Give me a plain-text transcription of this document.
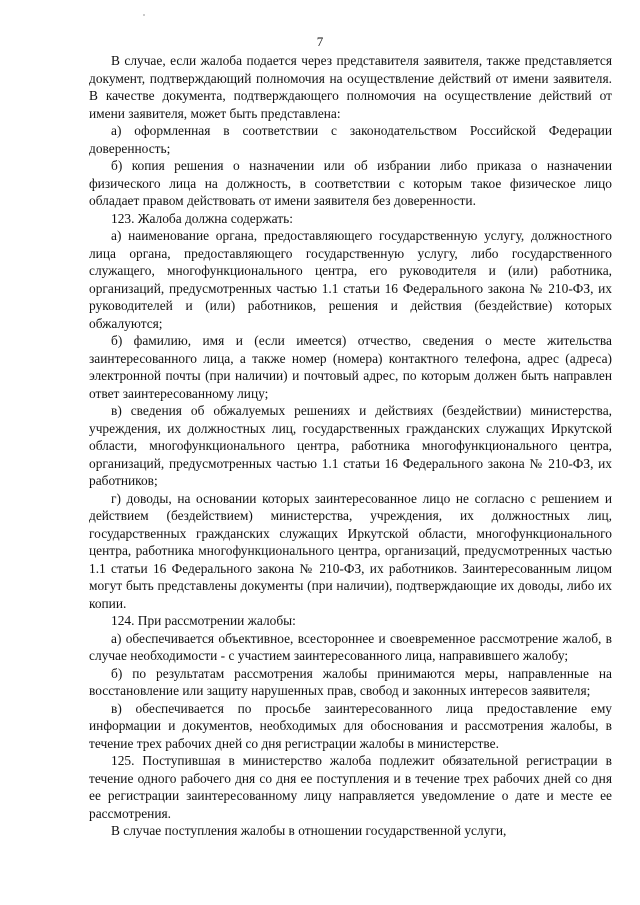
7

В случае, если жалоба подается через представителя заявителя, также представляется документ, подтверждающий полномочия на осуществление действий от имени заявителя. В качестве документа, подтверждающего полномочия на осуществление действий от имени заявителя, может быть представлена:

а) оформленная в соответствии с законодательством Российской Федерации доверенность;

б) копия решения о назначении или об избрании либо приказа о назначении физического лица на должность, в соответствии с которым такое физическое лицо обладает правом действовать от имени заявителя без доверенности.

123. Жалоба должна содержать:

а) наименование органа, предоставляющего государственную услугу, должностного лица органа, предоставляющего государственную услугу, либо государственного служащего, многофункционального центра, его руководителя и (или) работника, организаций, предусмотренных частью 1.1 статьи 16 Федерального закона № 210-ФЗ, их руководителей и (или) работников, решения и действия (бездействие) которых обжалуются;

б) фамилию, имя и (если имеется) отчество, сведения о месте жительства заинтересованного лица, а также номер (номера) контактного телефона, адрес (адреса) электронной почты (при наличии) и почтовый адрес, по которым должен быть направлен ответ заинтересованному лицу;

в) сведения об обжалуемых решениях и действиях (бездействии) министерства, учреждения, их должностных лиц, государственных гражданских служащих Иркутской области, многофункционального центра, работника многофункционального центра, организаций, предусмотренных частью 1.1 статьи 16 Федерального закона № 210-ФЗ, их работников;

г) доводы, на основании которых заинтересованное лицо не согласно с решением и действием (бездействием) министерства, учреждения, их должностных лиц, государственных гражданских служащих Иркутской области, многофункционального центра, работника многофункционального центра, организаций, предусмотренных частью 1.1 статьи 16 Федерального закона № 210-ФЗ, их работников. Заинтересованным лицом могут быть представлены документы (при наличии), подтверждающие их доводы, либо их копии.

124. При рассмотрении жалобы:

а) обеспечивается объективное, всестороннее и своевременное рассмотрение жалоб, в случае необходимости - с участием заинтересованного лица, направившего жалобу;

б) по результатам рассмотрения жалобы принимаются меры, направленные на восстановление или защиту нарушенных прав, свобод и законных интересов заявителя;

в) обеспечивается по просьбе заинтересованного лица предоставление ему информации и документов, необходимых для обоснования и рассмотрения жалобы, в течение трех рабочих дней со дня регистрации жалобы в министерстве.

125. Поступившая в министерство жалоба подлежит обязательной регистрации в течение одного рабочего дня со дня ее поступления и в течение трех рабочих дней со дня ее регистрации заинтересованному лицу направляется уведомление о дате и месте ее рассмотрения.

В случае поступления жалобы в отношении государственной услуги,
